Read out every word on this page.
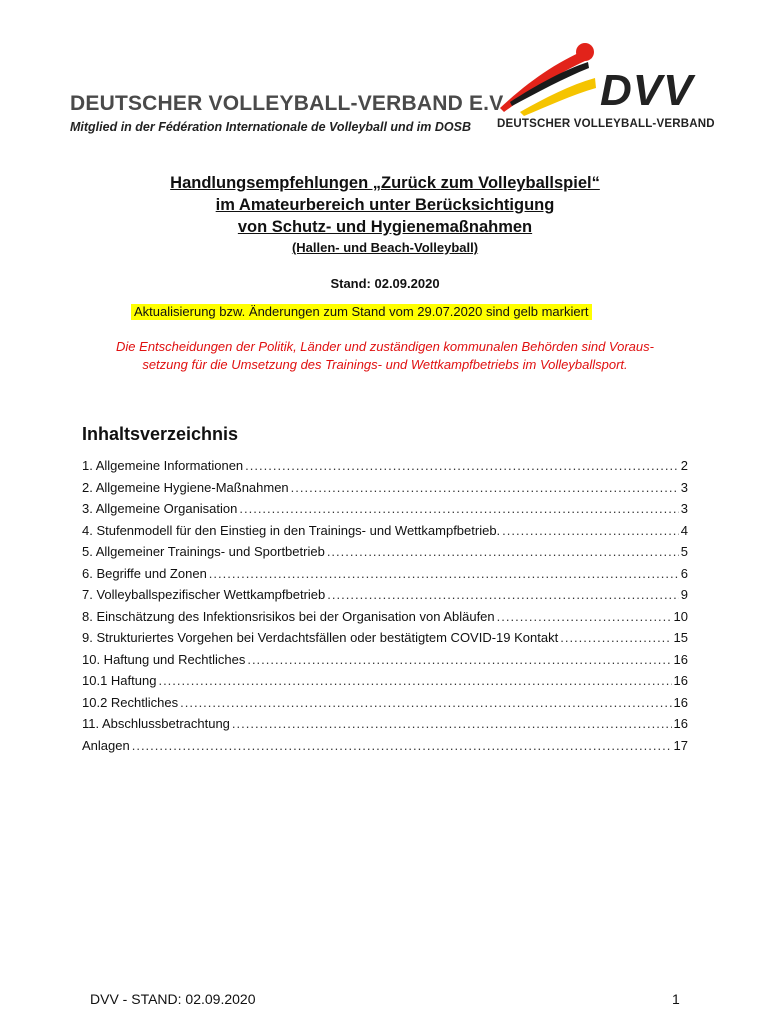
DEUTSCHER VOLLEYBALL-VERBAND E.V.
Mitglied in der Fédération Internationale de Volleyball und im DOSB
DVV
DEUTSCHER VOLLEYBALL-VERBAND
Handlungsempfehlungen „Zurück zum Volleyballspiel“
im Amateurbereich unter Berücksichtigung
von Schutz- und Hygienemaßnahmen
(Hallen- und Beach-Volleyball)
Stand: 02.09.2020
Aktualisierung bzw. Änderungen zum Stand vom 29.07.2020 sind gelb markiert
Die Entscheidungen der Politik, Länder und zuständigen kommunalen Behörden sind Voraus-
setzung für die Umsetzung des Trainings- und Wettkampfbetriebs im Volleyballsport.
Inhaltsverzeichnis
1. Allgemeine Informationen .....	2
2. Allgemeine Hygiene-Maßnahmen .....	3
3. Allgemeine Organisation .....	3
4. Stufenmodell für den Einstieg in den Trainings- und Wettkampfbetrieb. .....	4
5. Allgemeiner Trainings- und Sportbetrieb .....	5
6. Begriffe und Zonen .....	6
7. Volleyballspezifischer Wettkampfbetrieb .....	9
8. Einschätzung des Infektionsrisikos bei der Organisation von Abläufen .....	10
9. Strukturiertes Vorgehen bei Verdachtsfällen oder bestätigtem COVID-19 Kontakt .....	15
10. Haftung und Rechtliches .....	16
10.1 Haftung .....	16
10.2 Rechtliches .....	16
11. Abschlussbetrachtung .....	16
Anlagen .....	17
DVV - STAND: 02.09.2020	1
